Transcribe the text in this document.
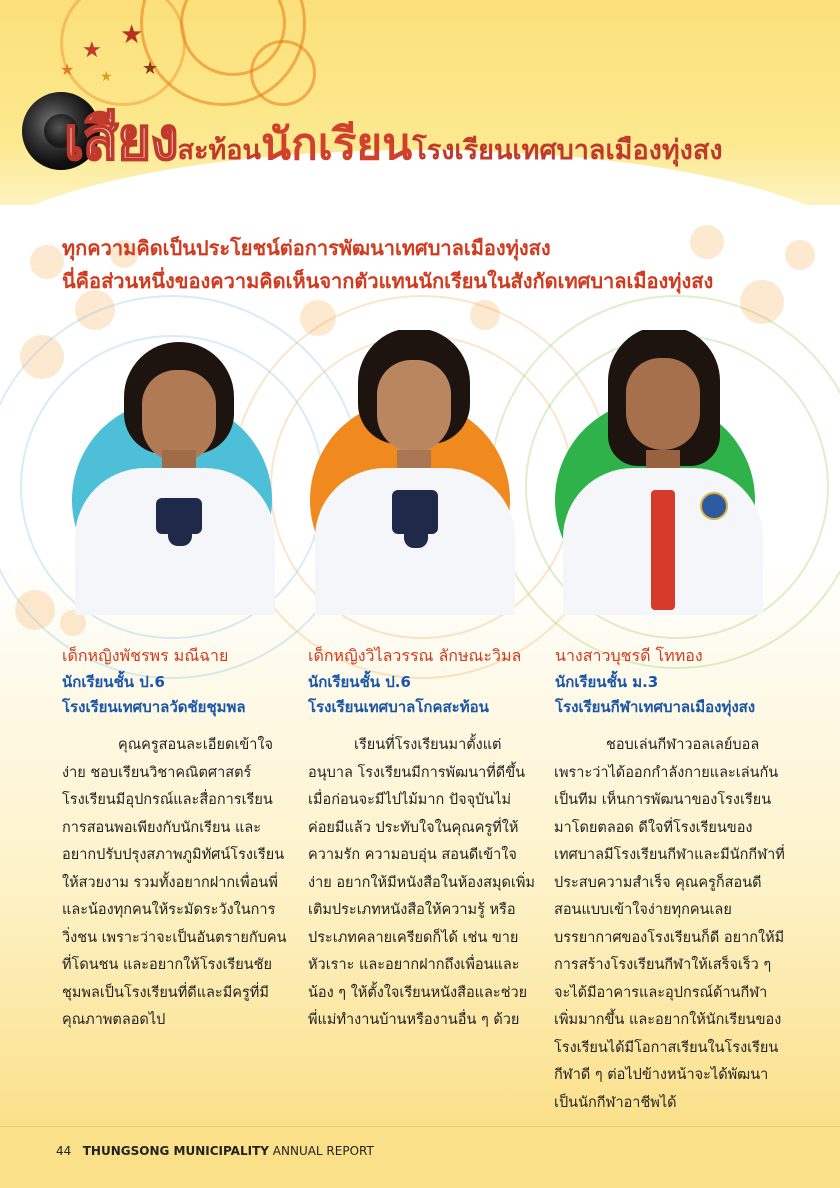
★
★
★	★
★
เสียงสะท้อนนักเรียนโรงเรียนเทศบาลเมืองทุ่งสง
ทุกความคิดเป็นประโยชน์ต่อการพัฒนาเทศบาลเมืองทุ่งสง
นี่คือส่วนหนึ่งของความคิดเห็นจากตัวแทนนักเรียนในสังกัดเทศบาลเมืองทุ่งสง
เด็กหญิงพัชรพร มณีฉาย
นักเรียนชั้น ป.6
โรงเรียนเทศบาลวัดชัยชุมพล
เด็กหญิงวิไลวรรณ ลักษณะวิมล
นักเรียนชั้น ป.6
โรงเรียนเทศบาลโกคสะท้อน
นางสาวบุชรดี โททอง
นักเรียนชั้น ม.3
โรงเรียนกีฬาเทศบาลเมืองทุ่งสง
คุณครูสอนละเอียดเข้าใจง่าย ชอบเรียนวิชาคณิตศาสตร์ โรงเรียนมีอุปกรณ์และสื่อการเรียนการสอนพอเพียงกับนักเรียน และอยากปรับปรุงสภาพภูมิทัศน์โรงเรียนให้สวยงาม รวมทั้งอยากฝากเพื่อนพี่และน้องทุกคนให้ระมัดระวังในการวิ่งชน เพราะว่าจะเป็นอันตรายกับคนที่โดนชน และอยากให้โรงเรียนชัยชุมพลเป็นโรงเรียนที่ดีและมีครูที่มีคุณภาพตลอดไป
เรียนที่โรงเรียนมาตั้งแต่อนุบาล โรงเรียนมีการพัฒนาที่ดีขึ้น เมื่อก่อนจะมีไปไม้มาก ปัจจุบันไม่ค่อยมีแล้ว ประทับใจในคุณครูที่ให้ความรัก ความอบอุ่น สอนดีเข้าใจง่าย อยากให้มีหนังสือในห้องสมุดเพิ่มเติมประเภทหนังสือให้ความรู้ หรือประเภทคลายเครียดก็ได้ เช่น ขายหัวเราะ และอยากฝากถึงเพื่อนและน้อง ๆ ให้ตั้งใจเรียนหนังสือและช่วยพี่แม่ทำงานบ้านหรืองานอื่น ๆ ด้วย
ชอบเล่นกีฬาวอลเลย์บอล เพราะว่าได้ออกกำลังกายและเล่นกันเป็นทีม เห็นการพัฒนาของโรงเรียนมาโดยตลอด ดีใจที่โรงเรียนของเทศบาลมีโรงเรียนกีฬาและมีนักกีฬาที่ประสบความสำเร็จ คุณครูก็สอนดี สอนแบบเข้าใจง่ายทุกคนเลย บรรยากาศของโรงเรียนก็ดี อยากให้มีการสร้างโรงเรียนกีฬาให้เสร็จเร็ว ๆ จะได้มีอาคารและอุปกรณ์ด้านกีฬาเพิ่มมากขึ้น และอยากให้นักเรียนของโรงเรียนได้มีโอกาสเรียนในโรงเรียนกีฬาดี ๆ ต่อไปข้างหน้าจะได้พัฒนาเป็นนักกีฬาอาชีพได้
44 THUNGSONG MUNICIPALITY ANNUAL REPORT
